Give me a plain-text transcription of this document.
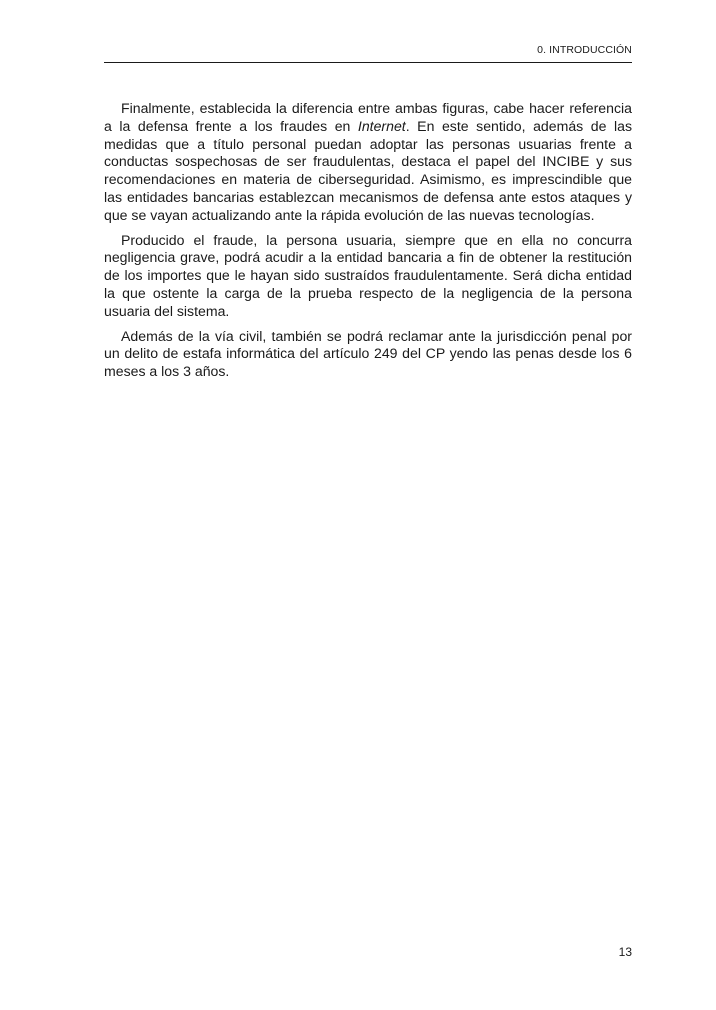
0. INTRODUCCIÓN

Finalmente, establecida la diferencia entre ambas figuras, cabe hacer referencia a la defensa frente a los fraudes en Internet. En este sentido, además de las medidas que a título personal puedan adoptar las personas usuarias frente a conductas sospechosas de ser fraudulentas, destaca el papel del INCIBE y sus recomendaciones en materia de ciberseguridad. Asimismo, es imprescindible que las entidades bancarias establezcan mecanismos de defensa ante estos ataques y que se vayan actualizando ante la rápida evolución de las nuevas tecnologías.

Producido el fraude, la persona usuaria, siempre que en ella no concurra negligencia grave, podrá acudir a la entidad bancaria a fin de obtener la restitución de los importes que le hayan sido sustraídos fraudulentamente. Será dicha entidad la que ostente la carga de la prueba respecto de la negligencia de la persona usuaria del sistema.

Además de la vía civil, también se podrá reclamar ante la jurisdicción penal por un delito de estafa informática del artículo 249 del CP yendo las penas desde los 6 meses a los 3 años.

13
